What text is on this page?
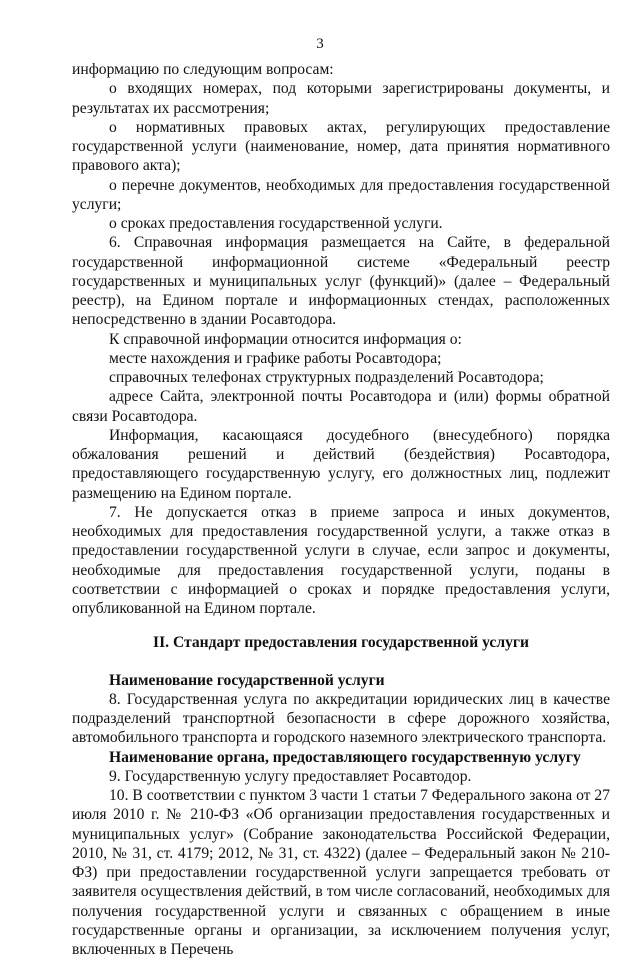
3

информацию по следующим вопросам:

о входящих номерах, под которыми зарегистрированы документы, и результатах их рассмотрения;

о нормативных правовых актах, регулирующих предоставление государственной услуги (наименование, номер, дата принятия нормативного правового акта);

о перечне документов, необходимых для предоставления государственной услуги;

о сроках предоставления государственной услуги.

6. Справочная информация размещается на Сайте, в федеральной государственной информационной системе «Федеральный реестр государственных и муниципальных услуг (функций)» (далее – Федеральный реестр), на Едином портале и информационных стендах, расположенных непосредственно в здании Росавтодора.

К справочной информации относится информация о:

месте нахождения и графике работы Росавтодора;

справочных телефонах структурных подразделений Росавтодора;

адресе Сайта, электронной почты Росавтодора и (или) формы обратной связи Росавтодора.

Информация, касающаяся досудебного (внесудебного) порядка обжалования решений и действий (бездействия) Росавтодора, предоставляющего государственную услугу, его должностных лиц, подлежит размещению на Едином портале.

7. Не допускается отказ в приеме запроса и иных документов, необходимых для предоставления государственной услуги, а также отказ в предоставлении государственной услуги в случае, если запрос и документы, необходимые для предоставления государственной услуги, поданы в соответствии с информацией о сроках и порядке предоставления услуги, опубликованной на Едином портале.

II. Стандарт предоставления государственной услуги

Наименование государственной услуги

8. Государственная услуга по аккредитации юридических лиц в качестве подразделений транспортной безопасности в сфере дорожного хозяйства, автомобильного транспорта и городского наземного электрического транспорта.

Наименование органа, предоставляющего государственную услугу

9. Государственную услугу предоставляет Росавтодор.

10. В соответствии с пунктом 3 части 1 статьи 7 Федерального закона от 27 июля 2010 г. № 210-ФЗ «Об организации предоставления государственных и муниципальных услуг» (Собрание законодательства Российской Федерации, 2010, № 31, ст. 4179; 2012, № 31, ст. 4322) (далее – Федеральный закон № 210-ФЗ) при предоставлении государственной услуги запрещается требовать от заявителя осуществления действий, в том числе согласований, необходимых для получения государственной услуги и связанных с обращением в иные государственные органы и организации, за исключением получения услуг, включенных в Перечень
